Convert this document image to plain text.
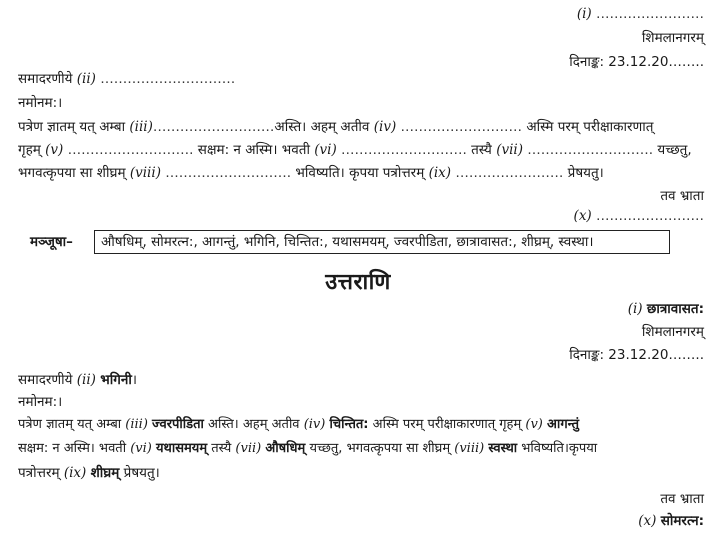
(i) ……………………
शिमलानगरम्
दिनाङ्क: 23.12.20……..
समादरणीये (ii) …………………………
नमोनम:।
पत्रेण ज्ञातम् यत् अम्बा (iii)………………………अस्ति। अहम् अतीव (iv) ……………………… अस्मि परम् परीक्षाकारणात्
गृहम् (v) ………………………. सक्षम: न अस्मि। भवती (vi) ………………………. तस्यै (vii) ………………………. यच्छतु,
भगवत्कृपया सा शीघ्रम् (viii) ………………………. भविष्यति। कृपया पत्रोत्तरम् (ix) …………………… प्रेषयतु।
तव भ्राता
(x) ……………………
मञ्जूषा–	औषधिम्, सोमरत्न:, आगन्तुं, भगिनि, चिन्तित:, यथासमयम्, ज्वरपीडिता, छात्रावासत:, शीघ्रम्, स्वस्था।
उत्तराणि
(i) छात्रावासत:
शिमलानगरम्
दिनाङ्क: 23.12.20……..
समादरणीये (ii) भगिनी।
नमोनम:।
पत्रेण ज्ञातम् यत् अम्बा (iii) ज्वरपीडिता अस्ति। अहम् अतीव (iv) चिन्तित: अस्मि परम् परीक्षाकारणात् गृहम् (v) आगन्तुं
सक्षम: न अस्मि। भवती (vi) यथासमयम् तस्यै (vii) औषधिम् यच्छतु, भगवत्कृपया सा शीघ्रम् (viii) स्वस्था भविष्यति।कृपया
पत्रोत्तरम् (ix) शीघ्रम् प्रेषयतु।
तव भ्राता
(x) सोमरत्न:
